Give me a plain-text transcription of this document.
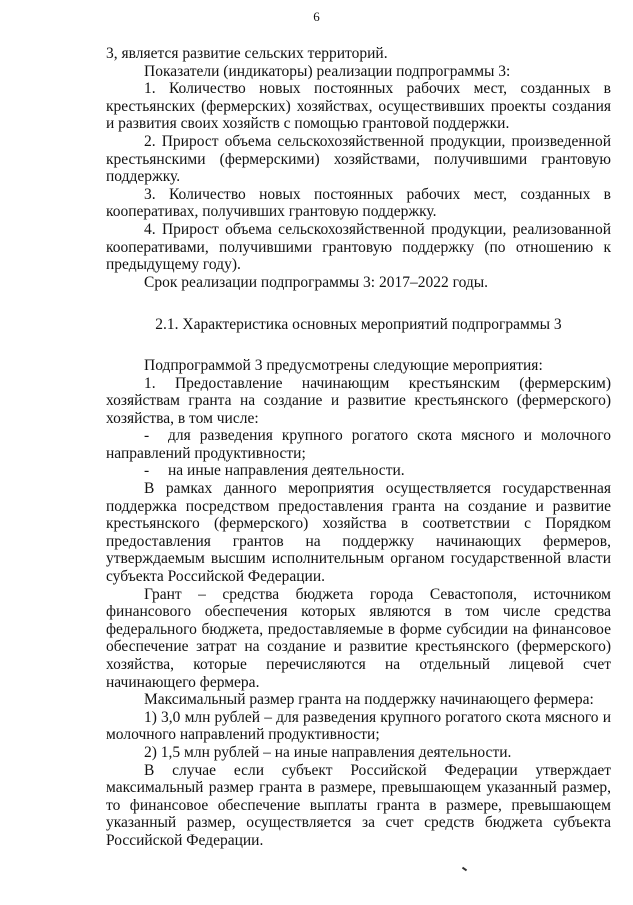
6

3, является развитие сельских территорий.

Показатели (индикаторы) реализации подпрограммы 3:

1. Количество новых постоянных рабочих мест, созданных в крестьянских (фермерских) хозяйствах, осуществивших проекты создания и развития своих хозяйств с помощью грантовой поддержки.

2. Прирост объема сельскохозяйственной продукции, произведенной крестьянскими (фермерскими) хозяйствами, получившими грантовую поддержку.

3. Количество новых постоянных рабочих мест, созданных в кооперативах, получивших грантовую поддержку.

4. Прирост объема сельскохозяйственной продукции, реализованной кооперативами, получившими грантовую поддержку (по отношению к предыдущему году).

Срок реализации подпрограммы 3: 2017–2022 годы.

2.1. Характеристика основных мероприятий подпрограммы 3

Подпрограммой 3 предусмотрены следующие мероприятия:

1. Предоставление начинающим крестьянским (фермерским) хозяйствам гранта на создание и развитие крестьянского (фермерского) хозяйства, в том числе:

- для разведения крупного рогатого скота мясного и молочного направлений продуктивности;

- на иные направления деятельности.

В рамках данного мероприятия осуществляется государственная поддержка посредством предоставления гранта на создание и развитие крестьянского (фермерского) хозяйства в соответствии с Порядком предоставления грантов на поддержку начинающих фермеров, утверждаемым высшим исполнительным органом государственной власти субъекта Российской Федерации.

Грант – средства бюджета города Севастополя, источником финансового обеспечения которых являются в том числе средства федерального бюджета, предоставляемые в форме субсидии на финансовое обеспечение затрат на создание и развитие крестьянского (фермерского) хозяйства, которые перечисляются на отдельный лицевой счет начинающего фермера.

Максимальный размер гранта на поддержку начинающего фермера:

1) 3,0 млн рублей – для разведения крупного рогатого скота мясного и молочного направлений продуктивности;

2) 1,5 млн рублей – на иные направления деятельности.

В случае если субъект Российской Федерации утверждает максимальный размер гранта в размере, превышающем указанный размер, то финансовое обеспечение выплаты гранта в размере, превышающем указанный размер, осуществляется за счет средств бюджета субъекта Российской Федерации.
